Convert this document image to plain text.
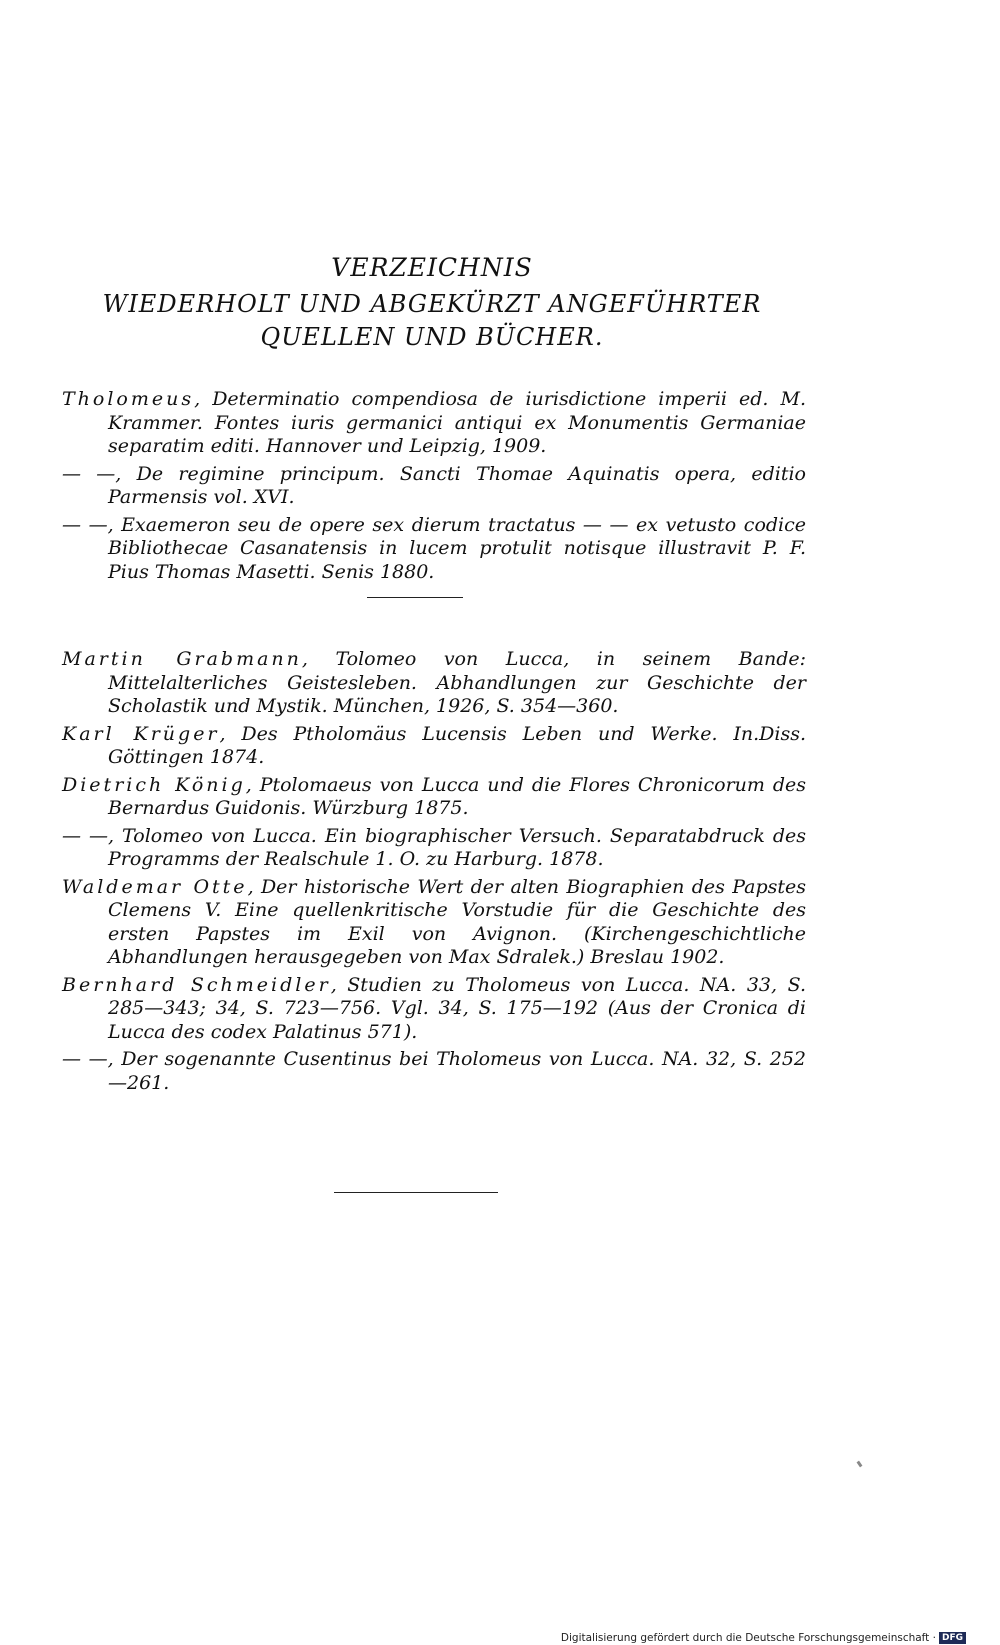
VERZEICHNIS
WIEDERHOLT UND ABGEKÜRZT ANGEFÜHRTER
QUELLEN UND BÜCHER.
Tholomeus, Determinatio compendiosa de iurisdictione imperii ed. M. Krammer. Fontes iuris germanici antiqui ex Monumentis Germaniae separatim editi. Hannover und Leipzig, 1909.
— —, De regimine principum. Sancti Thomae Aquinatis opera, editio Parmensis vol. XVI.
— —, Exaemeron seu de opere sex dierum tractatus — — ex vetusto codice Bibliothecae Casanatensis in lucem protulit notisque illustravit P. F. Pius Thomas Masetti. Senis 1880.
Martin Grabmann, Tolomeo von Lucca, in seinem Bande: Mittelalterliches Geistesleben. Abhandlungen zur Geschichte der Scholastik und Mystik. München, 1926, S. 354—360.
Karl Krüger, Des Ptholomäus Lucensis Leben und Werke. In.Diss. Göttingen 1874.
Dietrich König, Ptolomaeus von Lucca und die Flores Chronicorum des Bernardus Guidonis. Würzburg 1875.
— —, Tolomeo von Lucca. Ein biographischer Versuch. Separatabdruck des Programms der Realschule 1. O. zu Harburg. 1878.
Waldemar Otte, Der historische Wert der alten Biographien des Papstes Clemens V. Eine quellenkritische Vorstudie für die Geschichte des ersten Papstes im Exil von Avignon. (Kirchengeschichtliche Abhandlungen herausgegeben von Max Sdralek.) Breslau 1902.
Bernhard Schmeidler, Studien zu Tholomeus von Lucca. NA. 33, S. 285—343; 34, S. 723—756. Vgl. 34, S. 175—192 (Aus der Cronica di Lucca des codex Palatinus 571).
— —, Der sogenannte Cusentinus bei Tholomeus von Lucca. NA. 32, S. 252—261.
Digitalisierung gefördert durch die Deutsche Forschungsgemeinschaft · DFG
